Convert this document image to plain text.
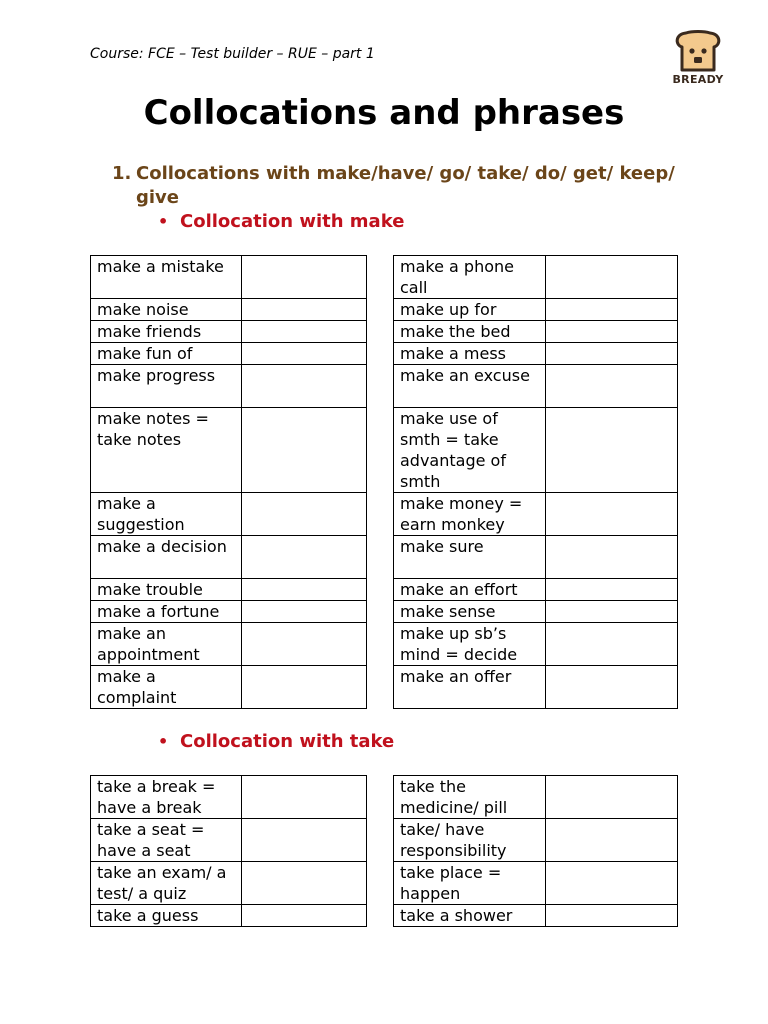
Course: FCE – Test builder – RUE – part 1
BREADY
Collocations and phrases
1. Collocations with make/have/ go/ take/ do/ get/ keep/ give
• Collocation with make
make a mistake	
make noise	
make friends	
make fun of	
make progress	
make notes = take notes	
make a suggestion	
make a decision	
make trouble	
make a fortune	
make an appointment	
make a complaint	
make a phone call	
make up for	
make the bed	
make a mess	
make an excuse	
make use of smth = take advantage of smth	
make money = earn monkey	
make sure	
make an effort	
make sense	
make up sb’s mind = decide	
make an offer	
• Collocation with take
take a break = have a break	
take a seat = have a seat	
take an exam/ a test/ a quiz	
take a guess	
take the medicine/ pill	
take/ have responsibility	
take place = happen	
take a shower	
